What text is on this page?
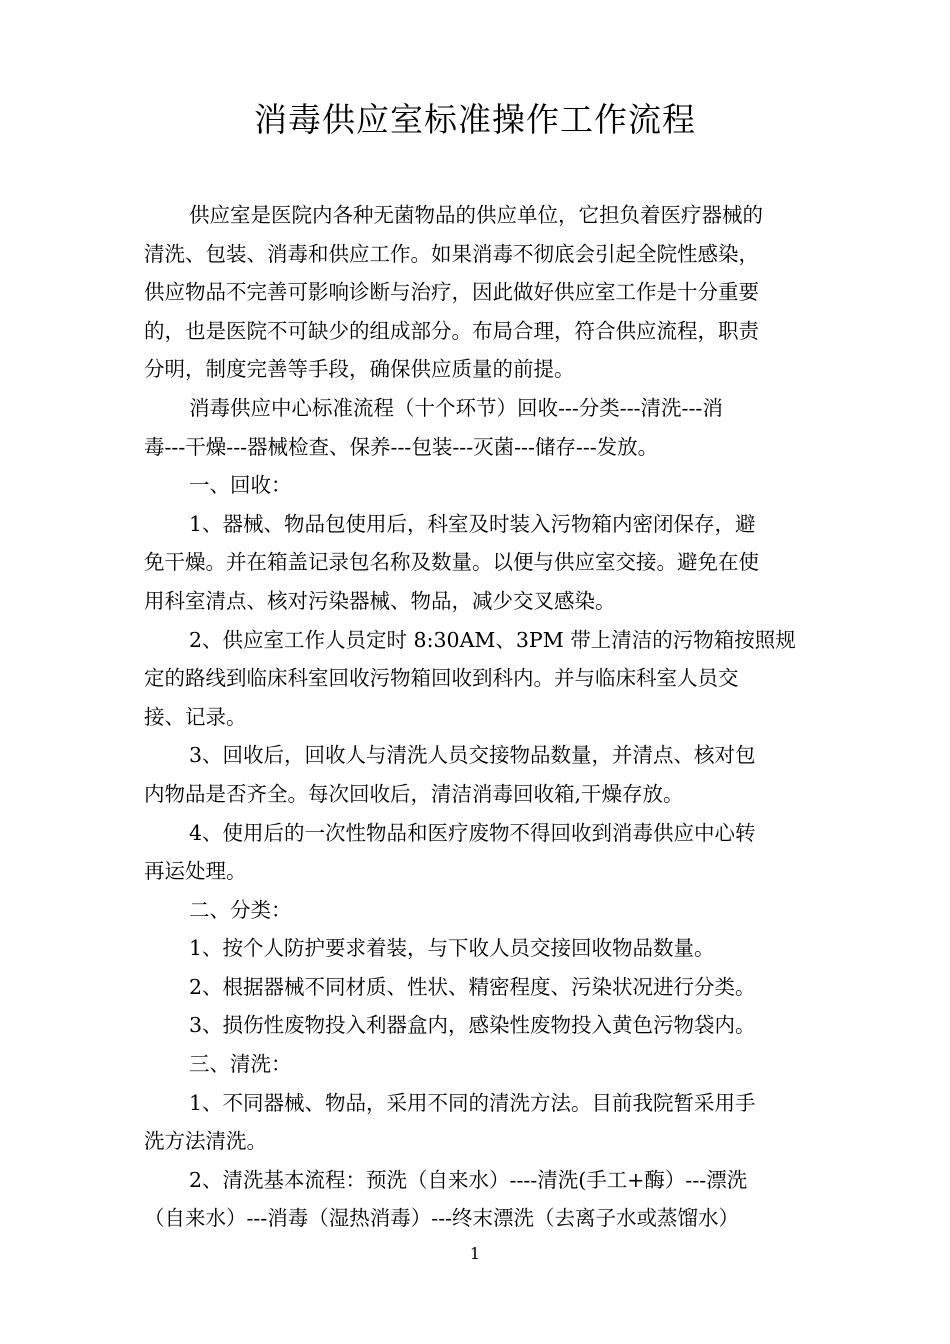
消毒供应室标准操作工作流程
供应室是医院内各种无菌物品的供应单位，它担负着医疗器械的
清洗、包装、消毒和供应工作。如果消毒不彻底会引起全院性感染，
供应物品不完善可影响诊断与治疗，因此做好供应室工作是十分重要
的，也是医院不可缺少的组成部分。布局合理，符合供应流程，职责
分明，制度完善等手段，确保供应质量的前提。
消毒供应中心标准流程（十个环节）回收---分类---清洗---消
毒---干燥---器械检查、保养---包装---灭菌---储存---发放。
一、回收：
1、器械、物品包使用后，科室及时装入污物箱内密闭保存，避
免干燥。并在箱盖记录包名称及数量。以便与供应室交接。避免在使
用科室清点、核对污染器械、物品，减少交叉感染。
2、供应室工作人员定时 8:30AM、3PM 带上清洁的污物箱按照规
定的路线到临床科室回收污物箱回收到科内。并与临床科室人员交
接、记录。
3、回收后，回收人与清洗人员交接物品数量，并清点、核对包
内物品是否齐全。每次回收后，清洁消毒回收箱,干燥存放。
4、使用后的一次性物品和医疗废物不得回收到消毒供应中心转
再运处理。
二、分类：
1、按个人防护要求着装，与下收人员交接回收物品数量。
2、根据器械不同材质、性状、精密程度、污染状况进行分类。
3、损伤性废物投入利器盒内，感染性废物投入黄色污物袋内。
三、清洗：
1、不同器械、物品，采用不同的清洗方法。目前我院暂采用手
洗方法清洗。
2、清洗基本流程：预洗（自来水）----清洗(手工+酶）---漂洗
（自来水）---消毒（湿热消毒）---终末漂洗（去离子水或蒸馏水）
1
